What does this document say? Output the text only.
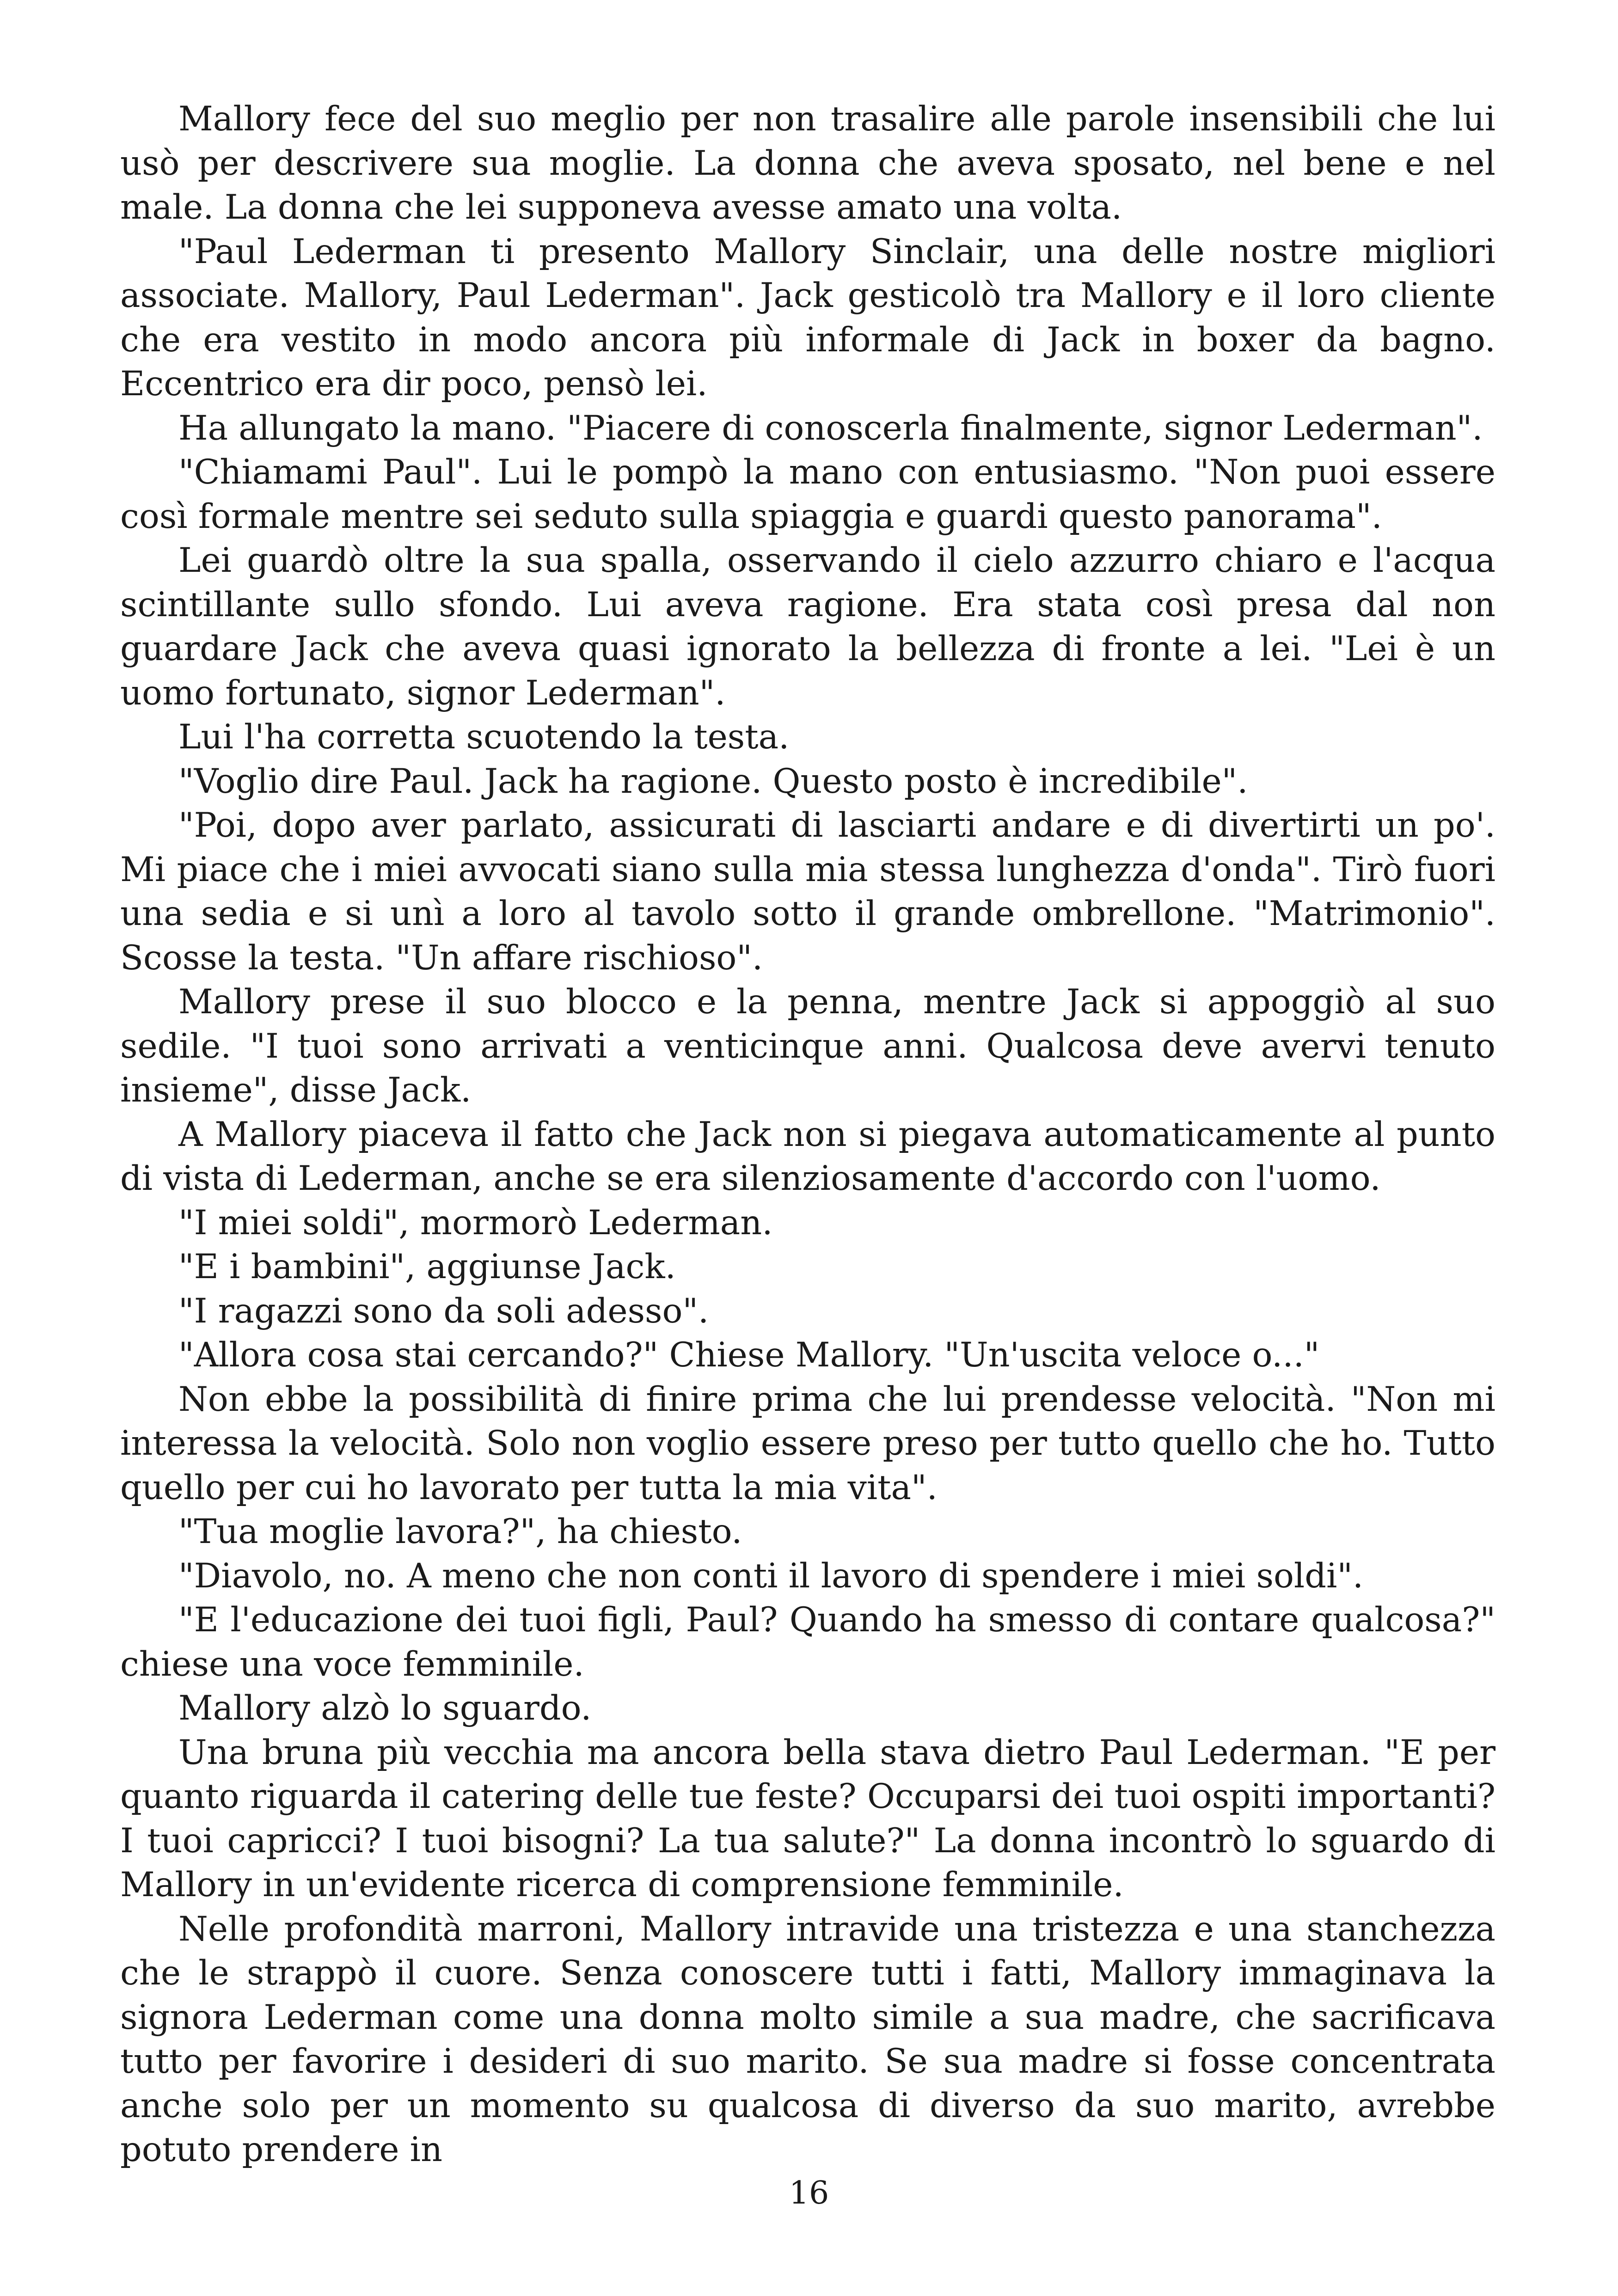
Mallory fece del suo meglio per non trasalire alle parole insensibili che lui usò per descrivere sua moglie. La donna che aveva sposato, nel bene e nel male. La donna che lei supponeva avesse amato una volta.

"Paul Lederman ti presento Mallory Sinclair, una delle nostre migliori associate. Mallory, Paul Lederman". Jack gesticolò tra Mallory e il loro cliente che era vestito in modo ancora più informale di Jack in boxer da bagno. Eccentrico era dir poco, pensò lei.

Ha allungato la mano. "Piacere di conoscerla finalmente, signor Lederman".

"Chiamami Paul". Lui le pompò la mano con entusiasmo. "Non puoi essere così formale mentre sei seduto sulla spiaggia e guardi questo panorama".

Lei guardò oltre la sua spalla, osservando il cielo azzurro chiaro e l'acqua scintillante sullo sfondo. Lui aveva ragione. Era stata così presa dal non guardare Jack che aveva quasi ignorato la bellezza di fronte a lei. "Lei è un uomo fortunato, signor Lederman".

Lui l'ha corretta scuotendo la testa.

"Voglio dire Paul. Jack ha ragione. Questo posto è incredibile".

"Poi, dopo aver parlato, assicurati di lasciarti andare e di divertirti un po'. Mi piace che i miei avvocati siano sulla mia stessa lunghezza d'onda". Tirò fuori una sedia e si unì a loro al tavolo sotto il grande ombrellone. "Matrimonio". Scosse la testa. "Un affare rischioso".

Mallory prese il suo blocco e la penna, mentre Jack si appoggiò al suo sedile. "I tuoi sono arrivati a venticinque anni. Qualcosa deve avervi tenuto insieme", disse Jack.

A Mallory piaceva il fatto che Jack non si piegava automaticamente al punto di vista di Lederman, anche se era silenziosamente d'accordo con l'uomo.

"I miei soldi", mormorò Lederman.

"E i bambini", aggiunse Jack.

"I ragazzi sono da soli adesso".

"Allora cosa stai cercando?" Chiese Mallory. "Un'uscita veloce o..."

Non ebbe la possibilità di finire prima che lui prendesse velocità. "Non mi interessa la velocità. Solo non voglio essere preso per tutto quello che ho. Tutto quello per cui ho lavorato per tutta la mia vita".

"Tua moglie lavora?", ha chiesto.

"Diavolo, no. A meno che non conti il lavoro di spendere i miei soldi".

"E l'educazione dei tuoi figli, Paul? Quando ha smesso di contare qualcosa?" chiese una voce femminile.

Mallory alzò lo sguardo.

Una bruna più vecchia ma ancora bella stava dietro Paul Lederman. "E per quanto riguarda il catering delle tue feste? Occuparsi dei tuoi ospiti importanti? I tuoi capricci? I tuoi bisogni? La tua salute?" La donna incontrò lo sguardo di Mallory in un'evidente ricerca di comprensione femminile.

Nelle profondità marroni, Mallory intravide una tristezza e una stanchezza che le strappò il cuore. Senza conoscere tutti i fatti, Mallory immaginava la signora Lederman come una donna molto simile a sua madre, che sacrificava tutto per favorire i desideri di suo marito. Se sua madre si fosse concentrata anche solo per un momento su qualcosa di diverso da suo marito, avrebbe potuto prendere in

16
